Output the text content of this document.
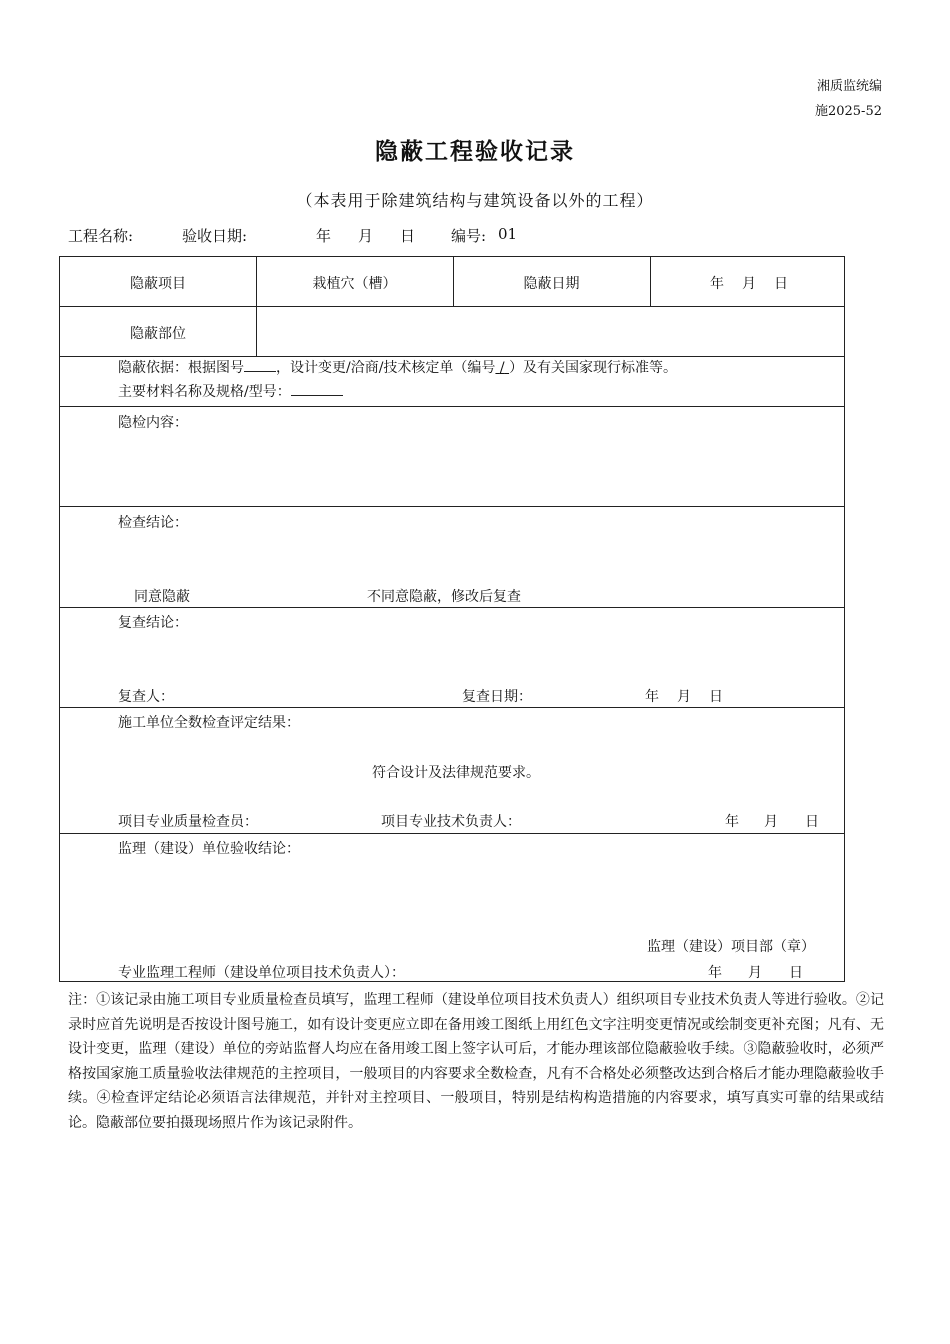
湘质监统编
施2025-52
隐蔽工程验收记录
（本表用于除建筑结构与建筑设备以外的工程）
工程名称:	验收日期:	年 月 日 编号: 01
隐蔽项目	栽植穴（槽）	隐蔽日期	年 月 日
隐蔽部位
隐蔽依据：根据图号 ，设计变更/洽商/技术核定单（编号 / ）及有关国家现行标准等。
主要材料名称及规格/型号：
隐检内容：
检查结论：
同意隐蔽	不同意隐蔽，修改后复查
复查结论：
复查人：	复查日期：	年 月 日
施工单位全数检查评定结果：
符合设计及法律规范要求。
项目专业质量检查员：	项目专业技术负责人：	年 月 日
监理（建设）单位验收结论：
监理（建设）项目部（章）
专业监理工程师（建设单位项目技术负责人）：	年 月 日
注：①该记录由施工项目专业质量检查员填写，监理工程师（建设单位项目技术负责人）组织项目专业技术负责人等进行验收。②记录时应首先说明是否按设计图号施工，如有设计变更应立即在备用竣工图纸上用红色文字注明变更情况或绘制变更补充图；凡有、无设计变更，监理（建设）单位的旁站监督人均应在备用竣工图上签字认可后，才能办理该部位隐蔽验收手续。③隐蔽验收时，必须严格按国家施工质量验收法律规范的主控项目，一般项目的内容要求全数检查，凡有不合格处必须整改达到合格后才能办理隐蔽验收手续。④检查评定结论必须语言法律规范，并针对主控项目、一般项目，特别是结构构造措施的内容要求，填写真实可靠的结果或结论。隐蔽部位要拍摄现场照片作为该记录附件。
